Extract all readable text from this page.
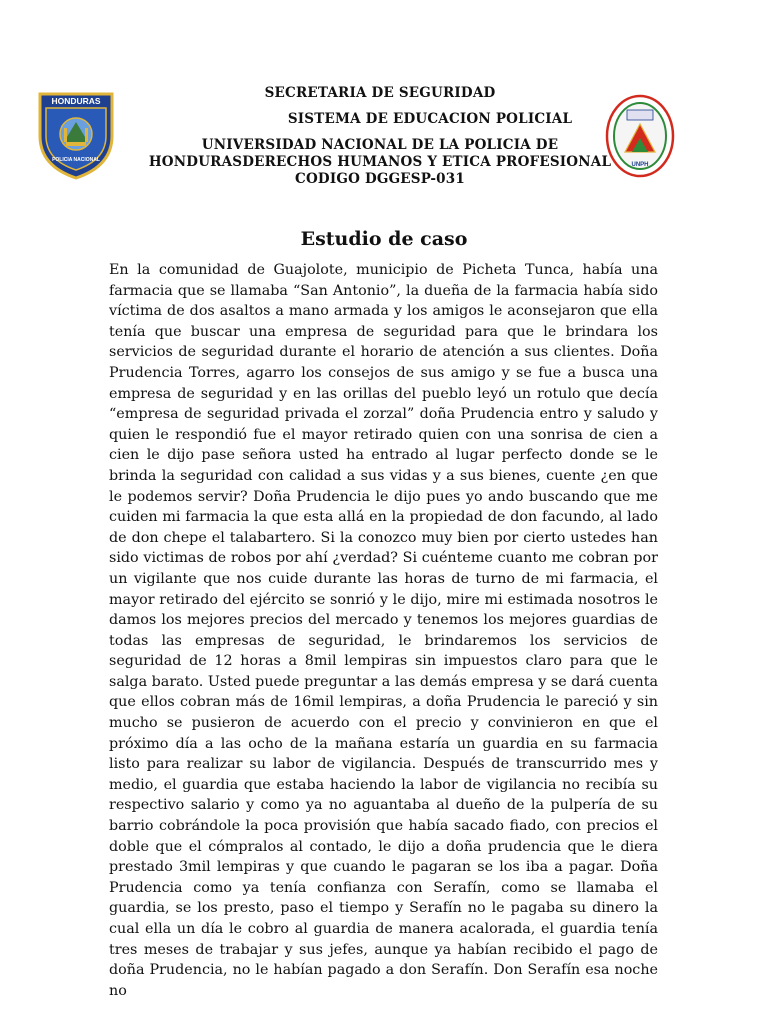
HONDURAS
POLICIA NACIONAL
SECRETARIA DE SEGURIDAD
SISTEMA DE EDUCACION POLICIAL
UNIVERSIDAD NACIONAL DE LA POLICIA DE
HONDURASDERECHOS HUMANOS Y ETICA PROFESIONAL
CODIGO DGGESP-031
UNPH
Estudio de caso

En la comunidad de Guajolote, municipio de Picheta Tunca, había una farmacia que se llamaba “San Antonio”, la dueña de la farmacia había sido víctima de dos asaltos a mano armada y los amigos le aconsejaron que ella tenía que buscar una empresa de seguridad para que le brindara los servicios de seguridad durante el horario de atención a sus clientes. Doña Prudencia Torres, agarro los consejos de sus amigo y se fue a busca una empresa de seguridad y en las orillas del pueblo leyó un rotulo que decía “empresa de seguridad privada el zorzal” doña Prudencia entro y saludo y quien le respondió fue el mayor retirado quien con una sonrisa de cien a cien le dijo pase señora usted ha entrado al lugar perfecto donde se le brinda la seguridad con calidad a sus vidas y a sus bienes, cuente ¿en que le podemos servir? Doña Prudencia le dijo pues yo ando buscando que me cuiden mi farmacia la que esta allá en la propiedad de don facundo, al lado de don chepe el talabartero. Si la conozco muy bien por cierto ustedes han sido victimas de robos por ahí ¿verdad? Si cuénteme cuanto me cobran por un vigilante que nos cuide durante las horas de turno de mi farmacia, el mayor retirado del ejército se sonrió y le dijo, mire mi estimada nosotros le damos los mejores precios del mercado y tenemos los mejores guardias de todas las empresas de seguridad, le brindaremos los servicios de seguridad de 12 horas a 8mil lempiras sin impuestos claro para que le salga barato. Usted puede preguntar a las demás empresa y se dará cuenta que ellos cobran más de 16mil lempiras, a doña Prudencia le pareció y sin mucho se pusieron de acuerdo con el precio y convinieron en que el próximo día a las ocho de la mañana estaría un guardia en su farmacia listo para realizar su labor de vigilancia. Después de transcurrido mes y medio, el guardia que estaba haciendo la labor de vigilancia no recibía su respectivo salario y como ya no aguantaba al dueño de la pulpería de su barrio cobrándole la poca provisión que había sacado fiado, con precios el doble que el cómpralos al contado, le dijo a doña prudencia que le diera prestado 3mil lempiras y que cuando le pagaran se los iba a pagar. Doña Prudencia como ya tenía confianza con Serafín, como se llamaba el guardia, se los presto, paso el tiempo y Serafín no le pagaba su dinero la cual ella un día le cobro al guardia de manera acalorada, el guardia tenía tres meses de trabajar y sus jefes, aunque ya habían recibido el pago de doña Prudencia, no le habían pagado a don Serafín. Don Serafín esa noche no
